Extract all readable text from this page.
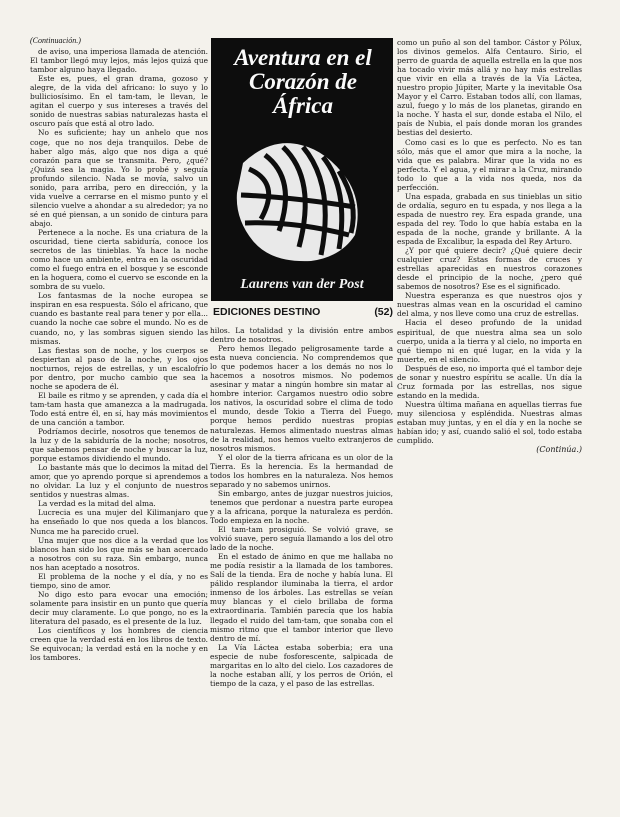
(Continuación.)

de aviso, una imperiosa llamada de atención. El tambor llegó muy lejos, más lejos quizá que tambor alguno haya llegado.

Este es, pues, el gran drama, gozoso y alegre, de la vida del africano: lo suyo y lo bulliciosísimo. En el tam-tam, le llevan, le agitan el cuerpo y sus intereses a través del sonido de nuestras sabias naturalezas hasta el oscuro país que está al otro lado.

No es suficiente; hay un anhelo que nos coge, que no nos deja tranquilos. Debe de haber algo más, algo que nos diga a qué corazón para que se transmita. Pero, ¿qué? ¿Quizá sea la magia. Yo lo probé y seguía profundo silencio. Nada se movía, salvo un sonido, para arriba, pero en dirección, y la vida vuelve a cerrarse en el mismo punto y el silencio vuelve a ahondar a su alrededor; ya no sé en qué piensan, a un sonido de cintura para abajo.

Pertenece a la noche. Es una criatura de la oscuridad, tiene cierta sabiduría, conoce los secretos de las tinieblas. Ya hace la noche como hace un ambiente, entra en la oscuridad como el fuego entra en el bosque y se esconde en la hoguera, como el cuervo se esconde en la sombra de su vuelo.

Los fantasmas de la noche europea se inspiran en esa respuesta. Sólo el africano, que cuando es bastante real para tener y por ella... cuando la noche cae sobre el mundo. No es de cuando, no, y las sombras siguen siendo las mismas.

Las fiestas son de noche, y los cuerpos se despiertan al paso de la noche, y los ojos nocturnos, rejos de estrellas, y un escalofrío por dentro, por mucho cambio que sea la noche se apodera de él.

El baile es ritmo y se aprenden, y cada día el tam-tam hasta que amanezca a la madrugada. Todo está entre él, en sí, hay más movimientos de una canción a tambor.

Podríamos decirle, nosotros que tenemos de la luz y de la sabiduría de la noche; nosotros, que sabemos pensar de noche y buscar la luz, porque estamos dividiendo el mundo.

Lo bastante más que lo decimos la mitad del amor, que yo aprendo porque si aprendemos a no olvidar. La luz y el conjunto de nuestros sentidos y nuestras almas.

La verdad es la mitad del alma.

Lucrecia es una mujer del Kilimanjaro que ha enseñado lo que nos queda a los blancos. Nunca me ha parecido cruel.

Una mujer que nos dice a la verdad que los blancos han sido los que más se han acercado a nosotros con su raza. Sin embargo, nunca nos han aceptado a nosotros.

El problema de la noche y el día, y no es tiempo, sino de amor.

No digo esto para evocar una emoción; solamente para insistir en un punto que quería decir muy claramente. Lo que pongo, no es la literatura del pasado, es el presente de la luz.

Los científicos y los hombres de ciencia creen que la verdad está en los libros de texto. Se equivocan; la verdad está en la noche y en los tambores.

Aventura en el Corazón de África
Laurens van der Post
EDICIONES DESTINO	(52)

hilos. La totalidad y la división entre ambos dentro de nosotros.

Pero hemos llegado peligrosamente tarde a esta nueva conciencia. No comprendemos que lo que podemos hacer a los demás no nos lo hacemos a nosotros mismos. No podemos asesinar y matar a ningún hombre sin matar al hombre interior. Cargamos nuestro odio sobre los nativos, la oscuridad sobre el clima de todo el mundo, desde Tokio a Tierra del Fuego, porque hemos perdido nuestras propias naturalezas. Hemos alimentado nuestras almas de la realidad, nos hemos vuelto extranjeros de nosotros mismos.

Y el olor de la tierra africana es un olor de la Tierra. Es la herencia. Es la hermandad de todos los hombres en la naturaleza. Nos hemos separado y no sabemos unirnos.

Sin embargo, antes de juzgar nuestros juicios, tenemos que perdonar a nuestra parte europea y a la africana, porque la naturaleza es perdón. Todo empieza en la noche.

El tam-tam prosiguió. Se volvió grave, se volvió suave, pero seguía llamando a los del otro lado de la noche.

En el estado de ánimo en que me hallaba no me podía resistir a la llamada de los tambores. Salí de la tienda. Era de noche y había luna. El pálido resplandor iluminaba la tierra, el ardor inmenso de los árboles. Las estrellas se veían muy blancas y el cielo brillaba de forma extraordinaria. También parecía que los había llegado el ruido del tam-tam, que sonaba con el mismo ritmo que el tambor interior que llevo dentro de mí.

La Vía Láctea estaba soberbia; era una especie de nube fosforescente, salpicada de margaritas en lo alto del cielo. Los cazadores de la noche estaban allí, y los perros de Orión, el tiempo de la caza, y el paso de las estrellas.

como un puño al son del tambor. Cástor y Pólux, los divinos gemelos. Alfa Centauro. Sirio, el perro de guarda de aquella estrella en la que nos ha tocado vivir más allá y no hay más estrellas que vivir en ella a través de la Vía Láctea, nuestro propio Júpiter, Marte y la inevitable Osa Mayor y el Carro. Estaban todos allí, con llamas, azul, fuego y lo más de los planetas, girando en la noche. Y hasta el sur, donde estaba el Nilo, el país de Nubia, el país donde moran los grandes bestias del desierto.

Como casi es lo que es perfecto. No es tan sólo, más que el amor que mira a la noche, la vida que es palabra. Mirar que la vida no es perfecta. Y el agua, y el mirar a la Cruz, mirando todo lo que a la vida nos queda, nos da perfección.

Una espada, grabada en sus tinieblas un sitio de ordalía, seguro en tu espada, y nos llega a la espada de nuestro rey. Era espada grande, una espada del rey. Todo lo que había estaba en la espada de la noche, grande y brillante. A la espada de Excalibur, la espada del Rey Arturo.

¿Y por qué quiere decir? ¿Qué quiere decir cualquier cruz? Estas formas de cruces y estrellas aparecidas en nuestros corazones desde el principio de la noche, ¿pero qué sabemos de nosotros? Ese es el significado.

Nuestra esperanza es que nuestros ojos y nuestras almas vean en la oscuridad el camino del alma, y nos lleve como una cruz de estrellas.

Hacia el deseo profundo de la unidad espiritual, de que nuestra alma sea un solo cuerpo, unida a la tierra y al cielo, no importa en qué tiempo ni en qué lugar, en la vida y la muerte, en el silencio.

Después de eso, no importa qué el tambor deje de sonar y nuestro espíritu se acalle. Un día la Cruz formada por las estrellas, nos sigue estando en la medida.

Nuestra última mañana en aquellas tierras fue muy silenciosa y espléndida. Nuestras almas estaban muy juntas, y en el día y en la noche se habían ido; y así, cuando salió el sol, todo estaba cumplido.

(Continúa.)
